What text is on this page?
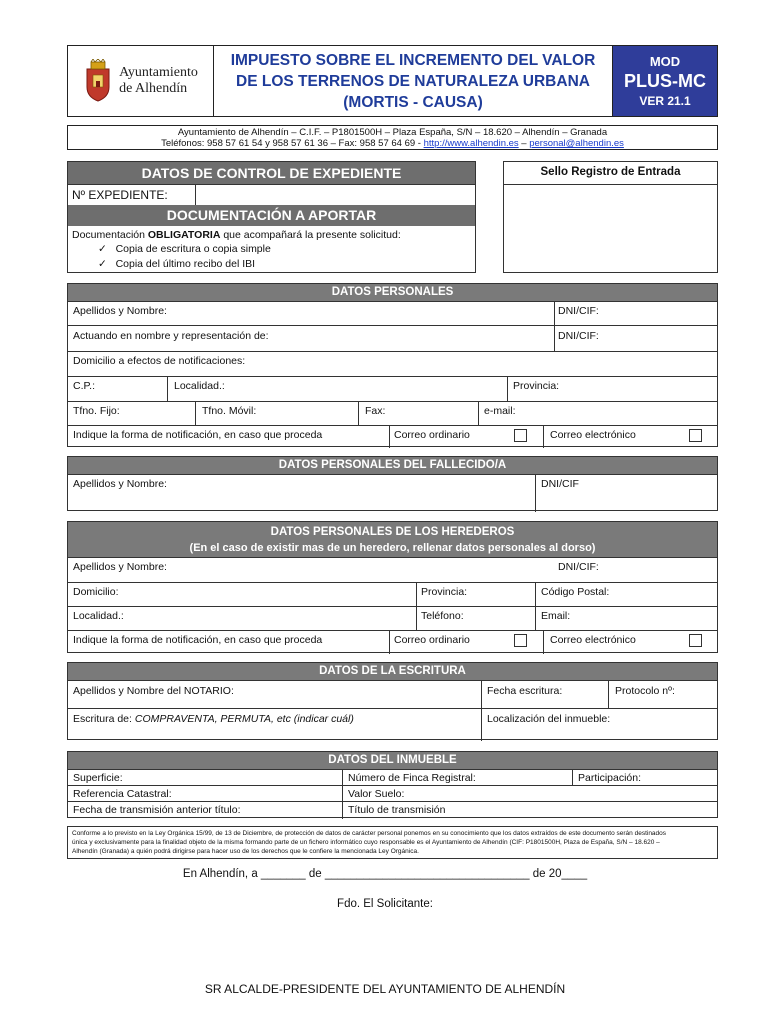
Ayuntamiento
de Alhendín
IMPUESTO SOBRE EL INCREMENTO DEL VALOR
DE LOS TERRENOS DE NATURALEZA URBANA
(MORTIS - CAUSA)
MOD
PLUS-MC
VER 21.1
Ayuntamiento de Alhendín – C.I.F. – P1801500H – Plaza España, S/N – 18.620 – Alhendín – Granada
Teléfonos: 958 57 61 54 y 958 57 61 36 – Fax: 958 57 64 69 - http://www.alhendin.es – personal@alhendin.es
DATOS DE CONTROL DE EXPEDIENTE
Nº EXPEDIENTE:
DOCUMENTACIÓN A APORTAR
Documentación OBLIGATORIA que acompañará la presente solicitud:
✓ Copia de escritura o copia simple
✓ Copia del último recibo del IBI
Sello Registro de Entrada
DATOS PERSONALES
Apellidos y Nombre:	DNI/CIF:
Actuando en nombre y representación de:	DNI/CIF:
Domicilio a efectos de notificaciones:
C.P.:	Localidad.:	Provincia:
Tfno. Fijo:	Tfno. Móvil:	Fax:	e-mail:
Indique la forma de notificación, en caso que proceda	Correo ordinario	Correo electrónico
DATOS PERSONALES DEL FALLECIDO/A
Apellidos y Nombre:	DNI/CIF
DATOS PERSONALES DE LOS HEREDEROS
(En el caso de existir mas de un heredero, rellenar datos personales al dorso)
Apellidos y Nombre:	DNI/CIF:
Domicilio:	Provincia:	Código Postal:
Localidad.:	Teléfono:	Email:
Indique la forma de notificación, en caso que proceda	Correo ordinario	Correo electrónico
DATOS DE LA ESCRITURA
Apellidos y Nombre del NOTARIO:	Fecha escritura:	Protocolo nº:
Escritura de: COMPRAVENTA, PERMUTA, etc (indicar cuál)	Localización del inmueble:
DATOS DEL INMUEBLE
Superficie:	Número de Finca Registral:	Participación:
Referencia Catastral:	Valor Suelo:
Fecha de transmisión anterior título:	Título de transmisión
Conforme a lo previsto en la Ley Orgánica 15/99, de 13 de Diciembre, de protección de datos de carácter personal ponemos en su conocimiento que los datos extraídos de este documento serán destinados
única y exclusivamente para la finalidad objeto de la misma formando parte de un fichero informático cuyo responsable es el Ayuntamiento de Alhendín (CIF: P1801500H, Plaza de España, S/N – 18.620 –
Alhendín (Granada) a quién podrá dirigirse para hacer uso de los derechos que le confiere la mencionada Ley Orgánica.
En Alhendín, a _______ de ________________________________ de 20____
Fdo. El Solicitante:
SR ALCALDE-PRESIDENTE DEL AYUNTAMIENTO DE ALHENDÍN
